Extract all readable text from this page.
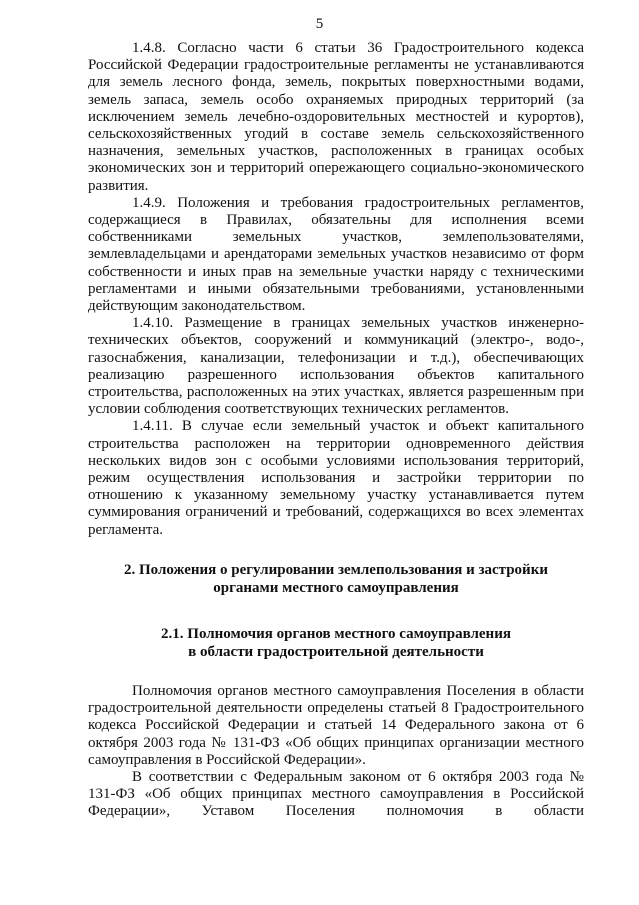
5

1.4.8. Согласно части 6 статьи 36 Градостроительного кодекса Российской Федерации градостроительные регламенты не устанавливаются для земель лесного фонда, земель, покрытых поверхностными водами, земель запаса, земель особо охраняемых природных территорий (за исключением земель лечебно-оздоровительных местностей и курортов), сельскохозяйственных угодий в составе земель сельскохозяйственного назначения, земельных участков, расположенных в границах особых экономических зон и территорий опережающего социально-экономического развития.

1.4.9. Положения и требования градостроительных регламентов, содержащиеся в Правилах, обязательны для исполнения всеми собственниками земельных участков, землепользователями, землевладельцами и арендаторами земельных участков независимо от форм собственности и иных прав на земельные участки наряду с техническими регламентами и иными обязательными требованиями, установленными действующим законодательством.

1.4.10. Размещение в границах земельных участков инженерно-технических объектов, сооружений и коммуникаций (электро-, водо-, газоснабжения, канализации, телефонизации и т.д.), обеспечивающих реализацию разрешенного использования объектов капитального строительства, расположенных на этих участках, является разрешенным при условии соблюдения соответствующих технических регламентов.

1.4.11. В случае если земельный участок и объект капитального строительства расположен на территории одновременного действия нескольких видов зон с особыми условиями использования территорий, режим осуществления использования и застройки территории по отношению к указанному земельному участку устанавливается путем суммирования ограничений и требований, содержащихся во всех элементах регламента.

2. Положения о регулировании землепользования и застройки
органами местного самоуправления
2.1. Полномочия органов местного самоуправления
в области градостроительной деятельности

Полномочия органов местного самоуправления Поселения в области градостроительной деятельности определены статьей 8 Градостроительного кодекса Российской Федерации и статьей 14 Федерального закона от 6 октября 2003 года № 131-ФЗ «Об общих принципах организации местного самоуправления в Российской Федерации».

В соответствии с Федеральным законом от 6 октября 2003 года № 131-ФЗ «Об общих принципах местного самоуправления в Российской Федерации», Уставом Поселения полномочия в области
